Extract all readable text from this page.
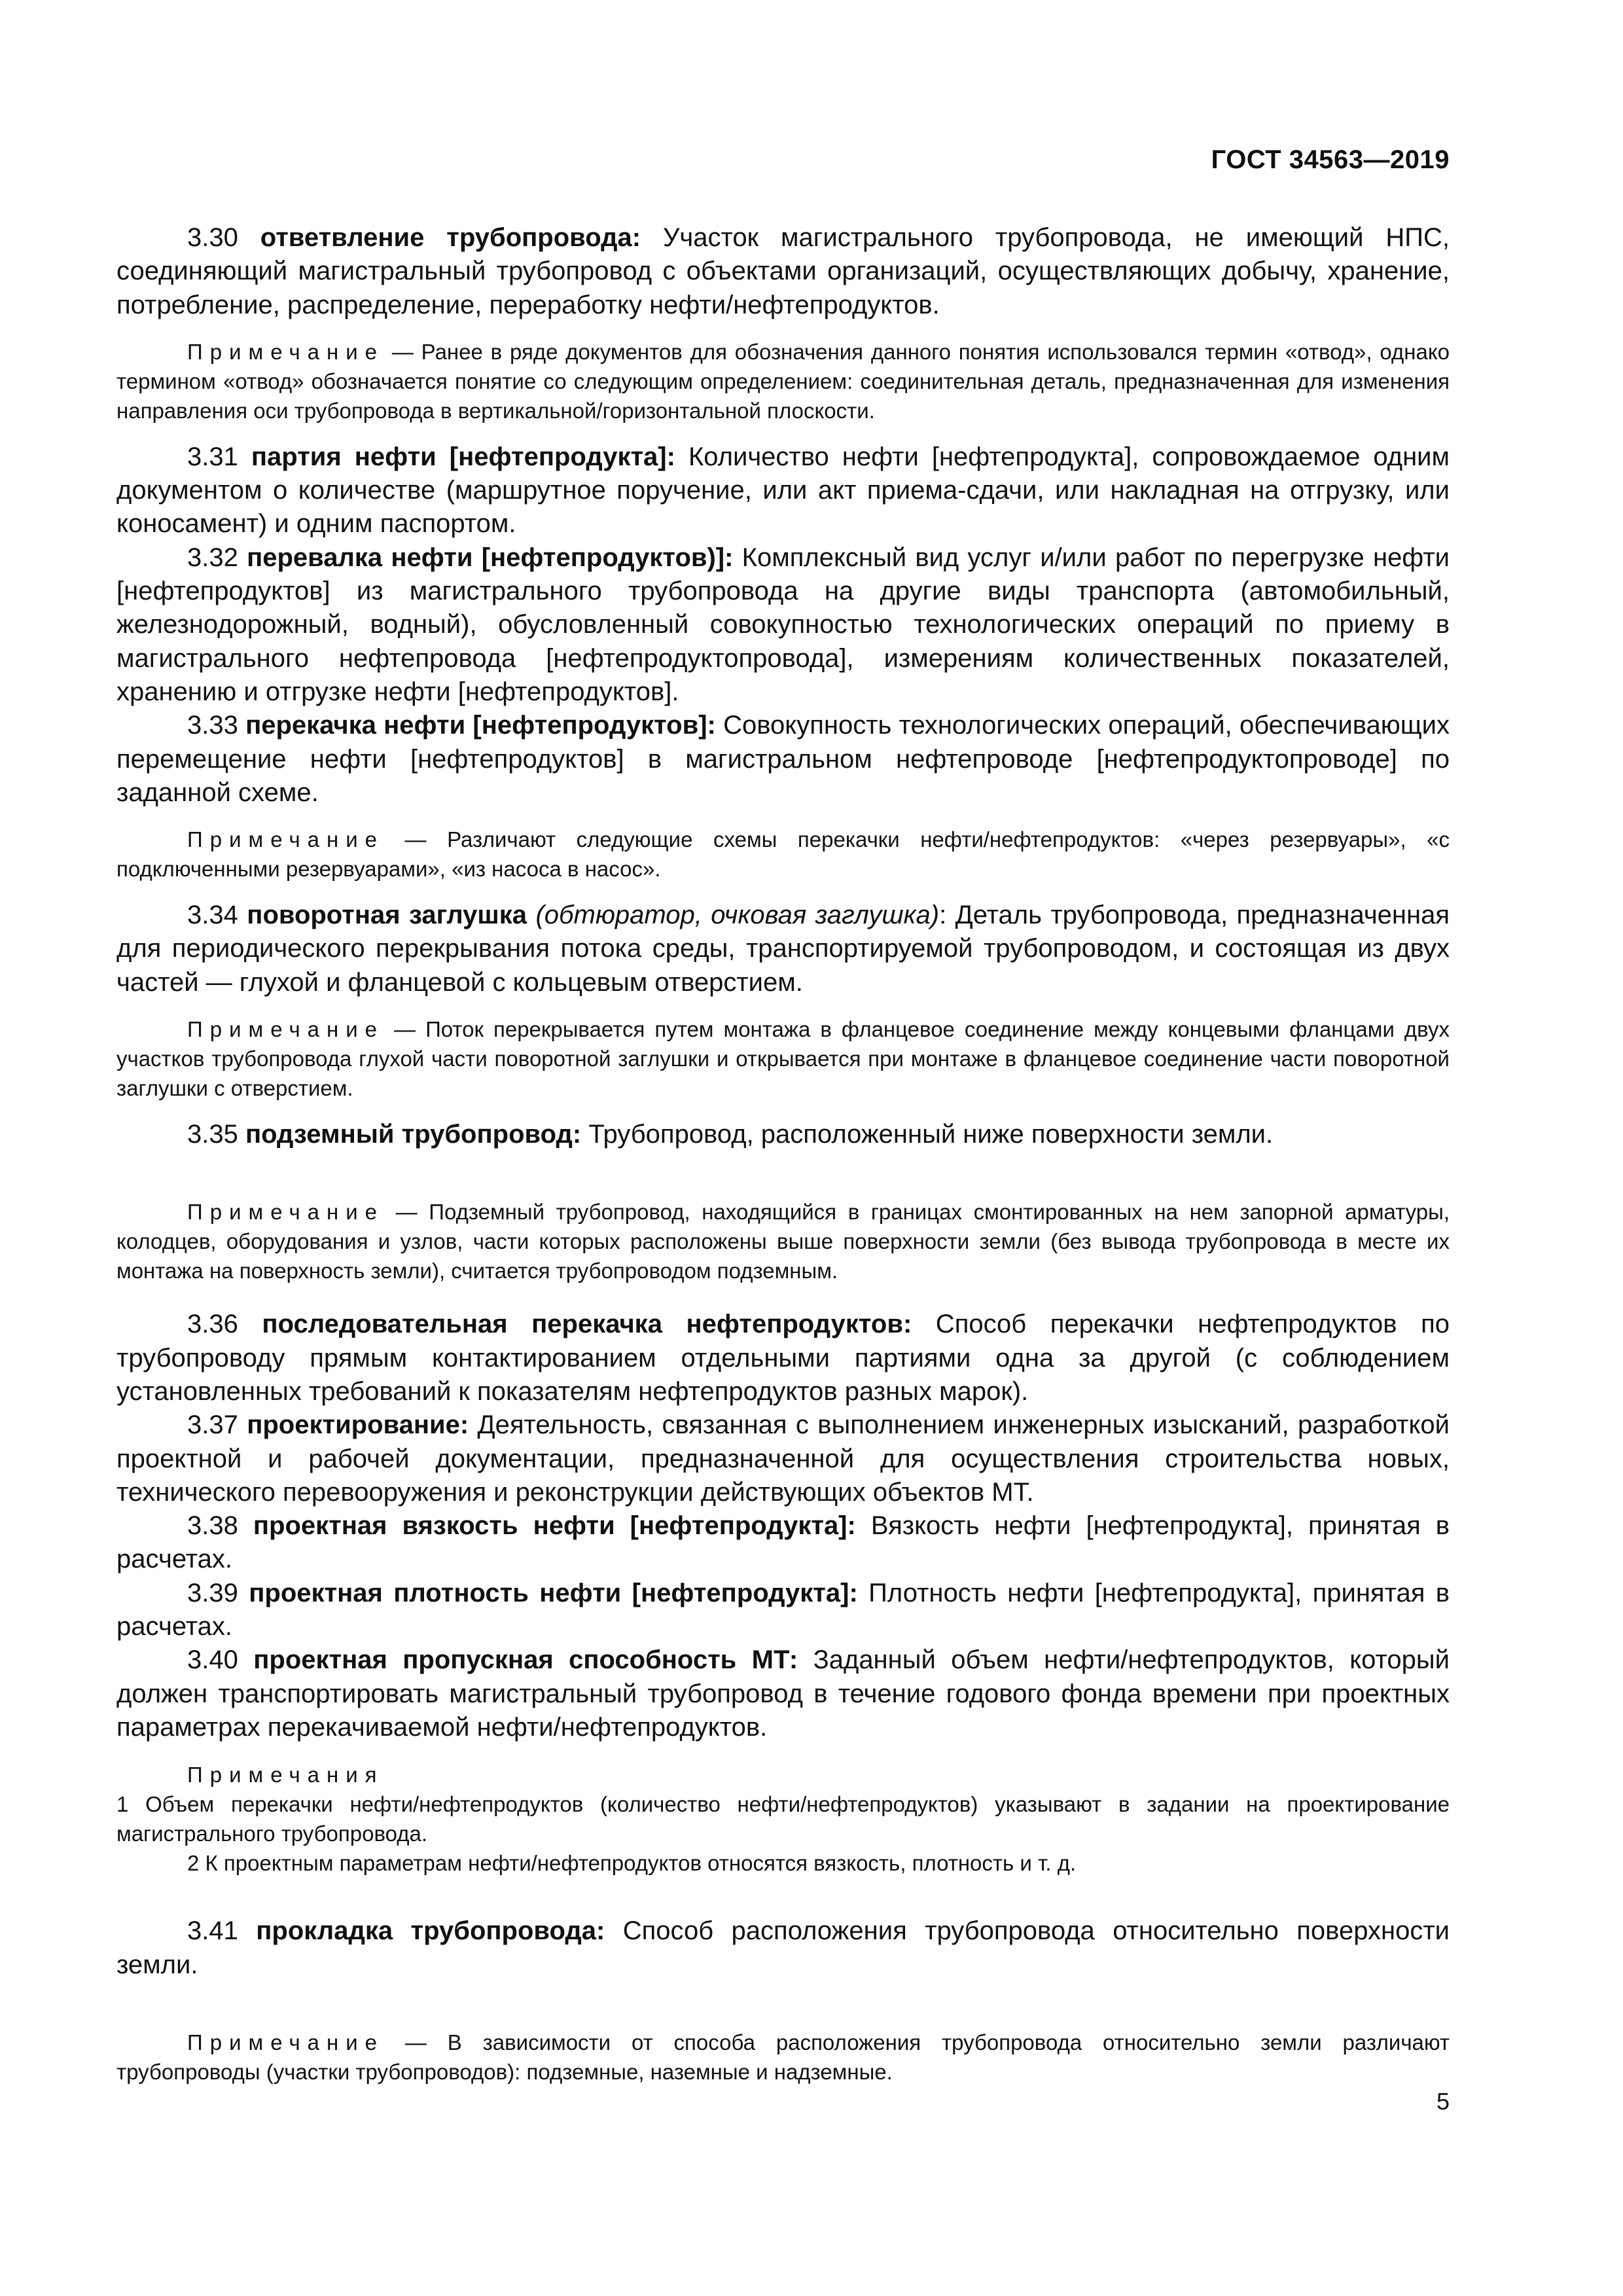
ГОСТ 34563—2019

3.30 ответвление трубопровода: Участок магистрального трубопровода, не имеющий НПС, соединяющий магистральный трубопровод с объектами организаций, осуществляющих добычу, хранение, потребление, распределение, переработку нефти/нефтепродуктов.

Примечание — Ранее в ряде документов для обозначения данного понятия использовался термин «отвод», однако термином «отвод» обозначается понятие со следующим определением: соединительная деталь, предназначенная для изменения направления оси трубопровода в вертикальной/горизонтальной плоскости.

3.31 партия нефти [нефтепродукта]: Количество нефти [нефтепродукта], сопровождаемое одним документом о количестве (маршрутное поручение, или акт приема-сдачи, или накладная на отгрузку, или коносамент) и одним паспортом.

3.32 перевалка нефти [нефтепродуктов)]: Комплексный вид услуг и/или работ по перегрузке нефти [нефтепродуктов] из магистрального трубопровода на другие виды транспорта (автомобильный, железнодорожный, водный), обусловленный совокупностью технологических операций по приему в магистрального нефтепровода [нефтепродуктопровода], измерениям количественных показателей, хранению и отгрузке нефти [нефтепродуктов].

3.33 перекачка нефти [нефтепродуктов]: Совокупность технологических операций, обеспечивающих перемещение нефти [нефтепродуктов] в магистральном нефтепроводе [нефтепродуктопроводе] по заданной схеме.

Примечание — Различают следующие схемы перекачки нефти/нефтепродуктов: «через резервуары», «с подключенными резервуарами», «из насоса в насос».

3.34 поворотная заглушка (обтюратор, очковая заглушка): Деталь трубопровода, предназначенная для периодического перекрывания потока среды, транспортируемой трубопроводом, и состоящая из двух частей — глухой и фланцевой с кольцевым отверстием.

Примечание — Поток перекрывается путем монтажа в фланцевое соединение между концевыми фланцами двух участков трубопровода глухой части поворотной заглушки и открывается при монтаже в фланцевое соединение части поворотной заглушки с отверстием.

3.35 подземный трубопровод: Трубопровод, расположенный ниже поверхности земли.

Примечание — Подземный трубопровод, находящийся в границах смонтированных на нем запорной арматуры, колодцев, оборудования и узлов, части которых расположены выше поверхности земли (без вывода трубопровода в месте их монтажа на поверхность земли), считается трубопроводом подземным.

3.36 последовательная перекачка нефтепродуктов: Способ перекачки нефтепродуктов по трубопроводу прямым контактированием отдельными партиями одна за другой (с соблюдением установленных требований к показателям нефтепродуктов разных марок).

3.37 проектирование: Деятельность, связанная с выполнением инженерных изысканий, разработкой проектной и рабочей документации, предназначенной для осуществления строительства новых, технического перевооружения и реконструкции действующих объектов МТ.

3.38 проектная вязкость нефти [нефтепродукта]: Вязкость нефти [нефтепродукта], принятая в расчетах.

3.39 проектная плотность нефти [нефтепродукта]: Плотность нефти [нефтепродукта], принятая в расчетах.

3.40 проектная пропускная способность МТ: Заданный объем нефти/нефтепродуктов, который должен транспортировать магистральный трубопровод в течение годового фонда времени при проектных параметрах перекачиваемой нефти/нефтепродуктов.

Примечания

1 Объем перекачки нефти/нефтепродуктов (количество нефти/нефтепродуктов) указывают в задании на проектирование магистрального трубопровода.

2 К проектным параметрам нефти/нефтепродуктов относятся вязкость, плотность и т. д.

3.41 прокладка трубопровода: Способ расположения трубопровода относительно поверхности земли.

Примечание — В зависимости от способа расположения трубопровода относительно земли различают трубопроводы (участки трубопроводов): подземные, наземные и надземные.

5
